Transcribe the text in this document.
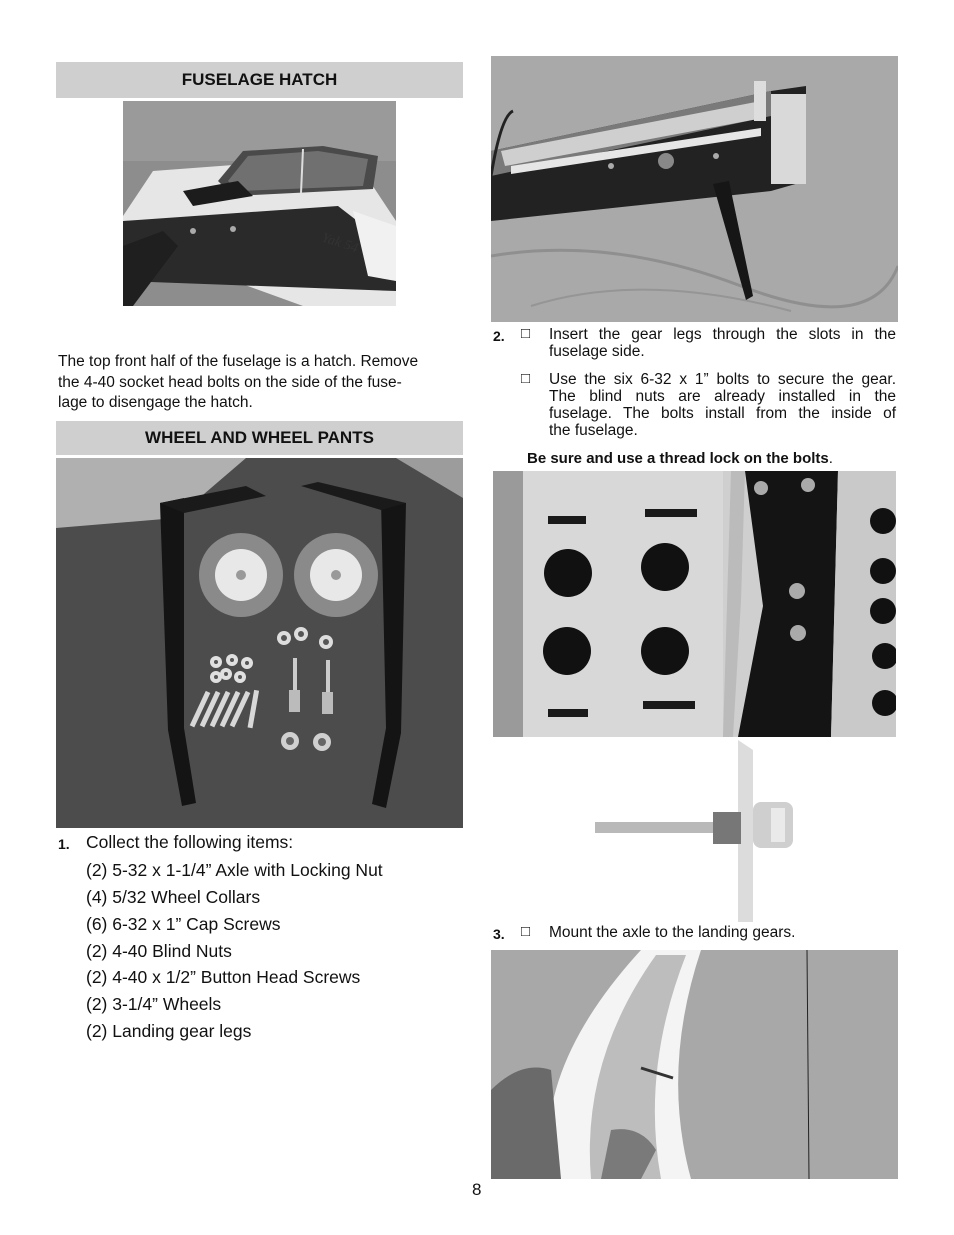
FUSELAGE HATCH
Yak 54
The top front half of the fuselage is a hatch. Remove
the 4-40 socket head bolts on the side of the fuse-
lage to disengage the hatch.
WHEEL AND WHEEL PANTS
1. Collect the following items:
(2) 5-32 x 1-1/4” Axle with Locking Nut
(4) 5/32 Wheel Collars
(6) 6-32 x 1” Cap Screws
(2) 4-40 Blind Nuts
(2) 4-40 x 1/2” Button Head Screws
(2) 3-1/4” Wheels
(2) Landing gear legs
2. □ Insert the gear legs through the slots in the
fuselage side.
□ Use the six 6-32 x 1” bolts to secure the gear.
The blind nuts are already installed in the
fuselage. The bolts install from the inside of
the fuselage.
Be sure and use a thread lock on the bolts.
3. □ Mount the axle to the landing gears.
8
